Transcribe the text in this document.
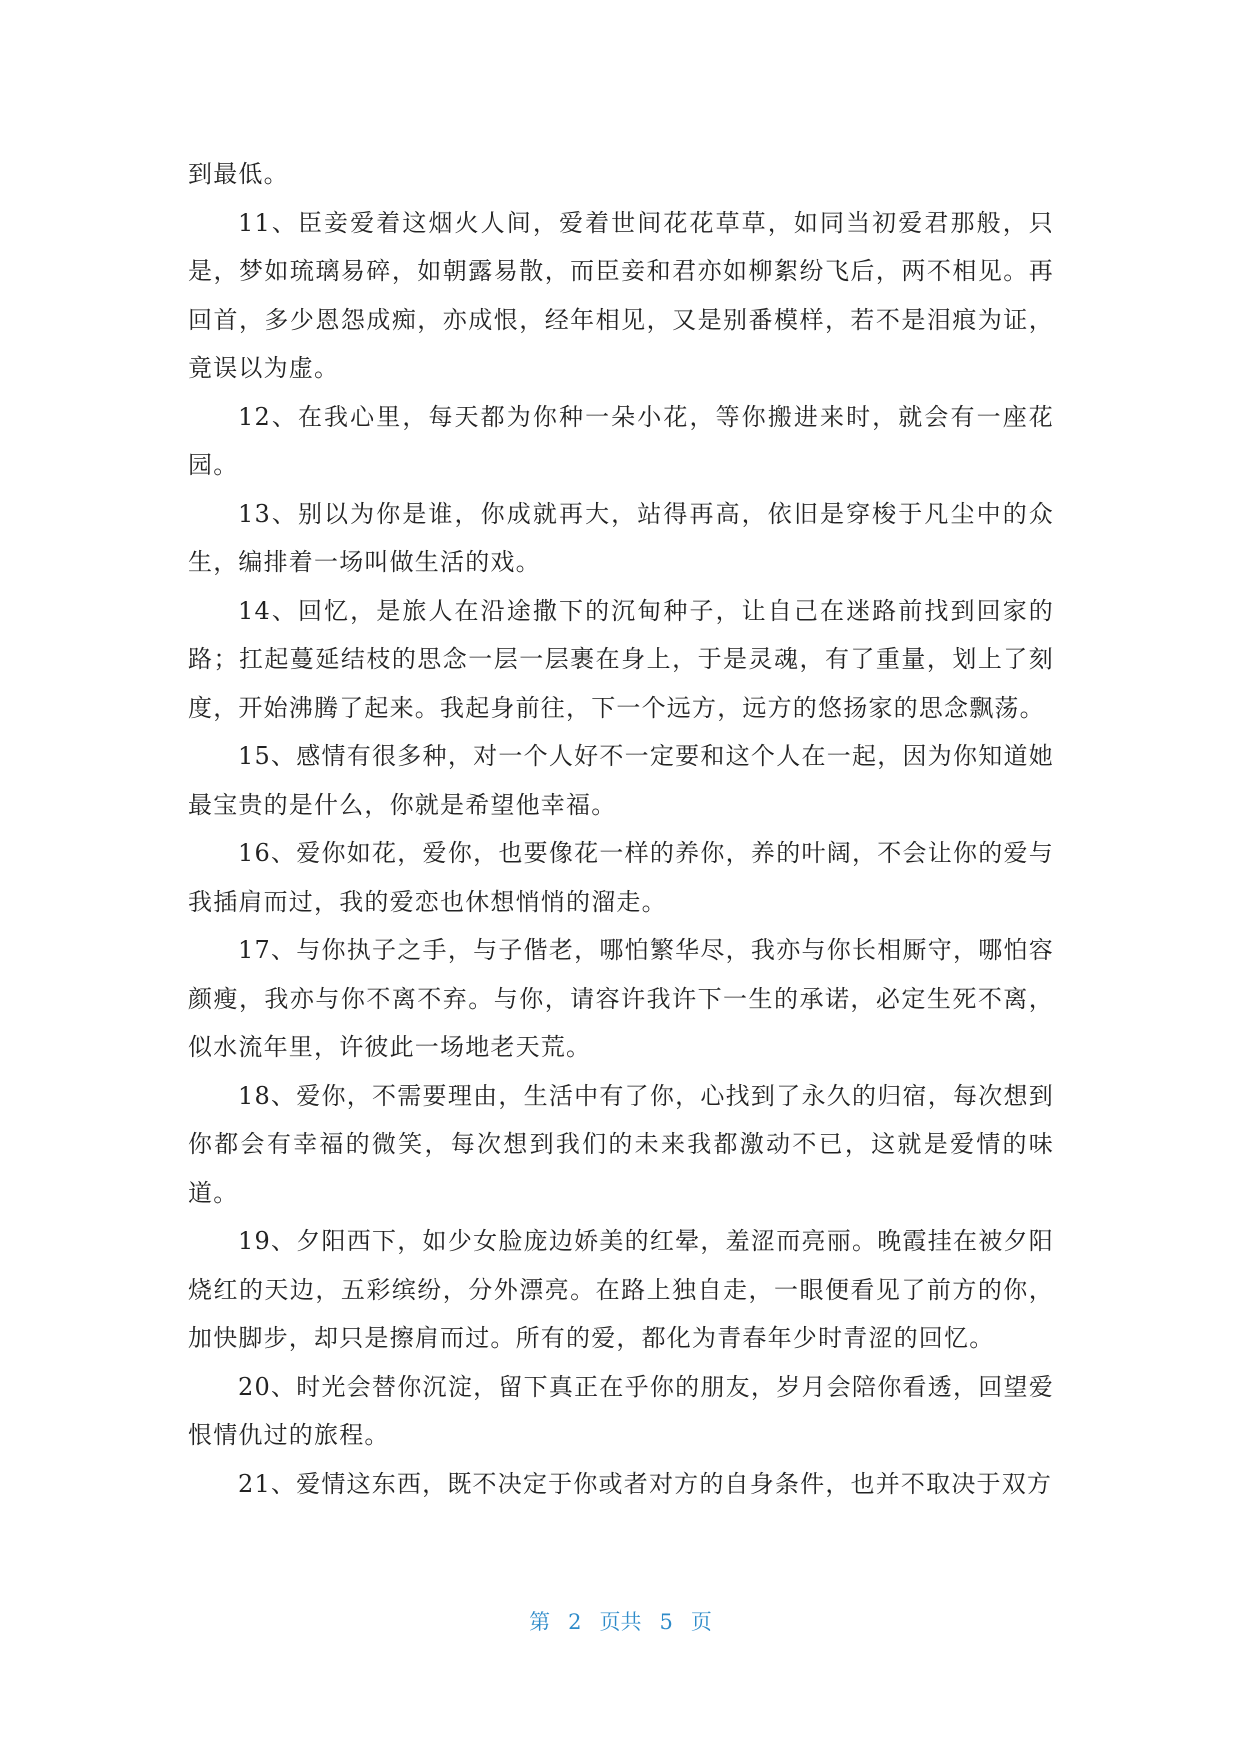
到最低。

11、臣妾爱着这烟火人间，爱着世间花花草草，如同当初爱君那般，只是，梦如琉璃易碎，如朝露易散，而臣妾和君亦如柳絮纷飞后，两不相见。再回首，多少恩怨成痴，亦成恨，经年相见，又是别番模样，若不是泪痕为证，竟误以为虚。

12、在我心里，每天都为你种一朵小花，等你搬进来时，就会有一座花园。

13、别以为你是谁，你成就再大，站得再高，依旧是穿梭于凡尘中的众生，编排着一场叫做生活的戏。

14、回忆，是旅人在沿途撒下的沉甸种子，让自己在迷路前找到回家的路；扛起蔓延结枝的思念一层一层裹在身上，于是灵魂，有了重量，划上了刻度，开始沸腾了起来。我起身前往，下一个远方，远方的悠扬家的思念飘荡。

15、感情有很多种，对一个人好不一定要和这个人在一起，因为你知道她最宝贵的是什么，你就是希望他幸福。

16、爱你如花，爱你，也要像花一样的养你，养的叶阔，不会让你的爱与我插肩而过，我的爱恋也休想悄悄的溜走。

17、与你执子之手，与子偕老，哪怕繁华尽，我亦与你长相厮守，哪怕容颜瘦，我亦与你不离不弃。与你，请容许我许下一生的承诺，必定生死不离，似水流年里，许彼此一场地老天荒。

18、爱你，不需要理由，生活中有了你，心找到了永久的归宿，每次想到你都会有幸福的微笑，每次想到我们的未来我都激动不已，这就是爱情的味道。

19、夕阳西下，如少女脸庞边娇美的红晕，羞涩而亮丽。晚霞挂在被夕阳烧红的天边，五彩缤纷，分外漂亮。在路上独自走，一眼便看见了前方的你，加快脚步，却只是擦肩而过。所有的爱，都化为青春年少时青涩的回忆。

20、时光会替你沉淀，留下真正在乎你的朋友，岁月会陪你看透，回望爱恨情仇过的旅程。

21、爱情这东西，既不决定于你或者对方的自身条件，也并不取决于双方

第 2 页共 5 页
